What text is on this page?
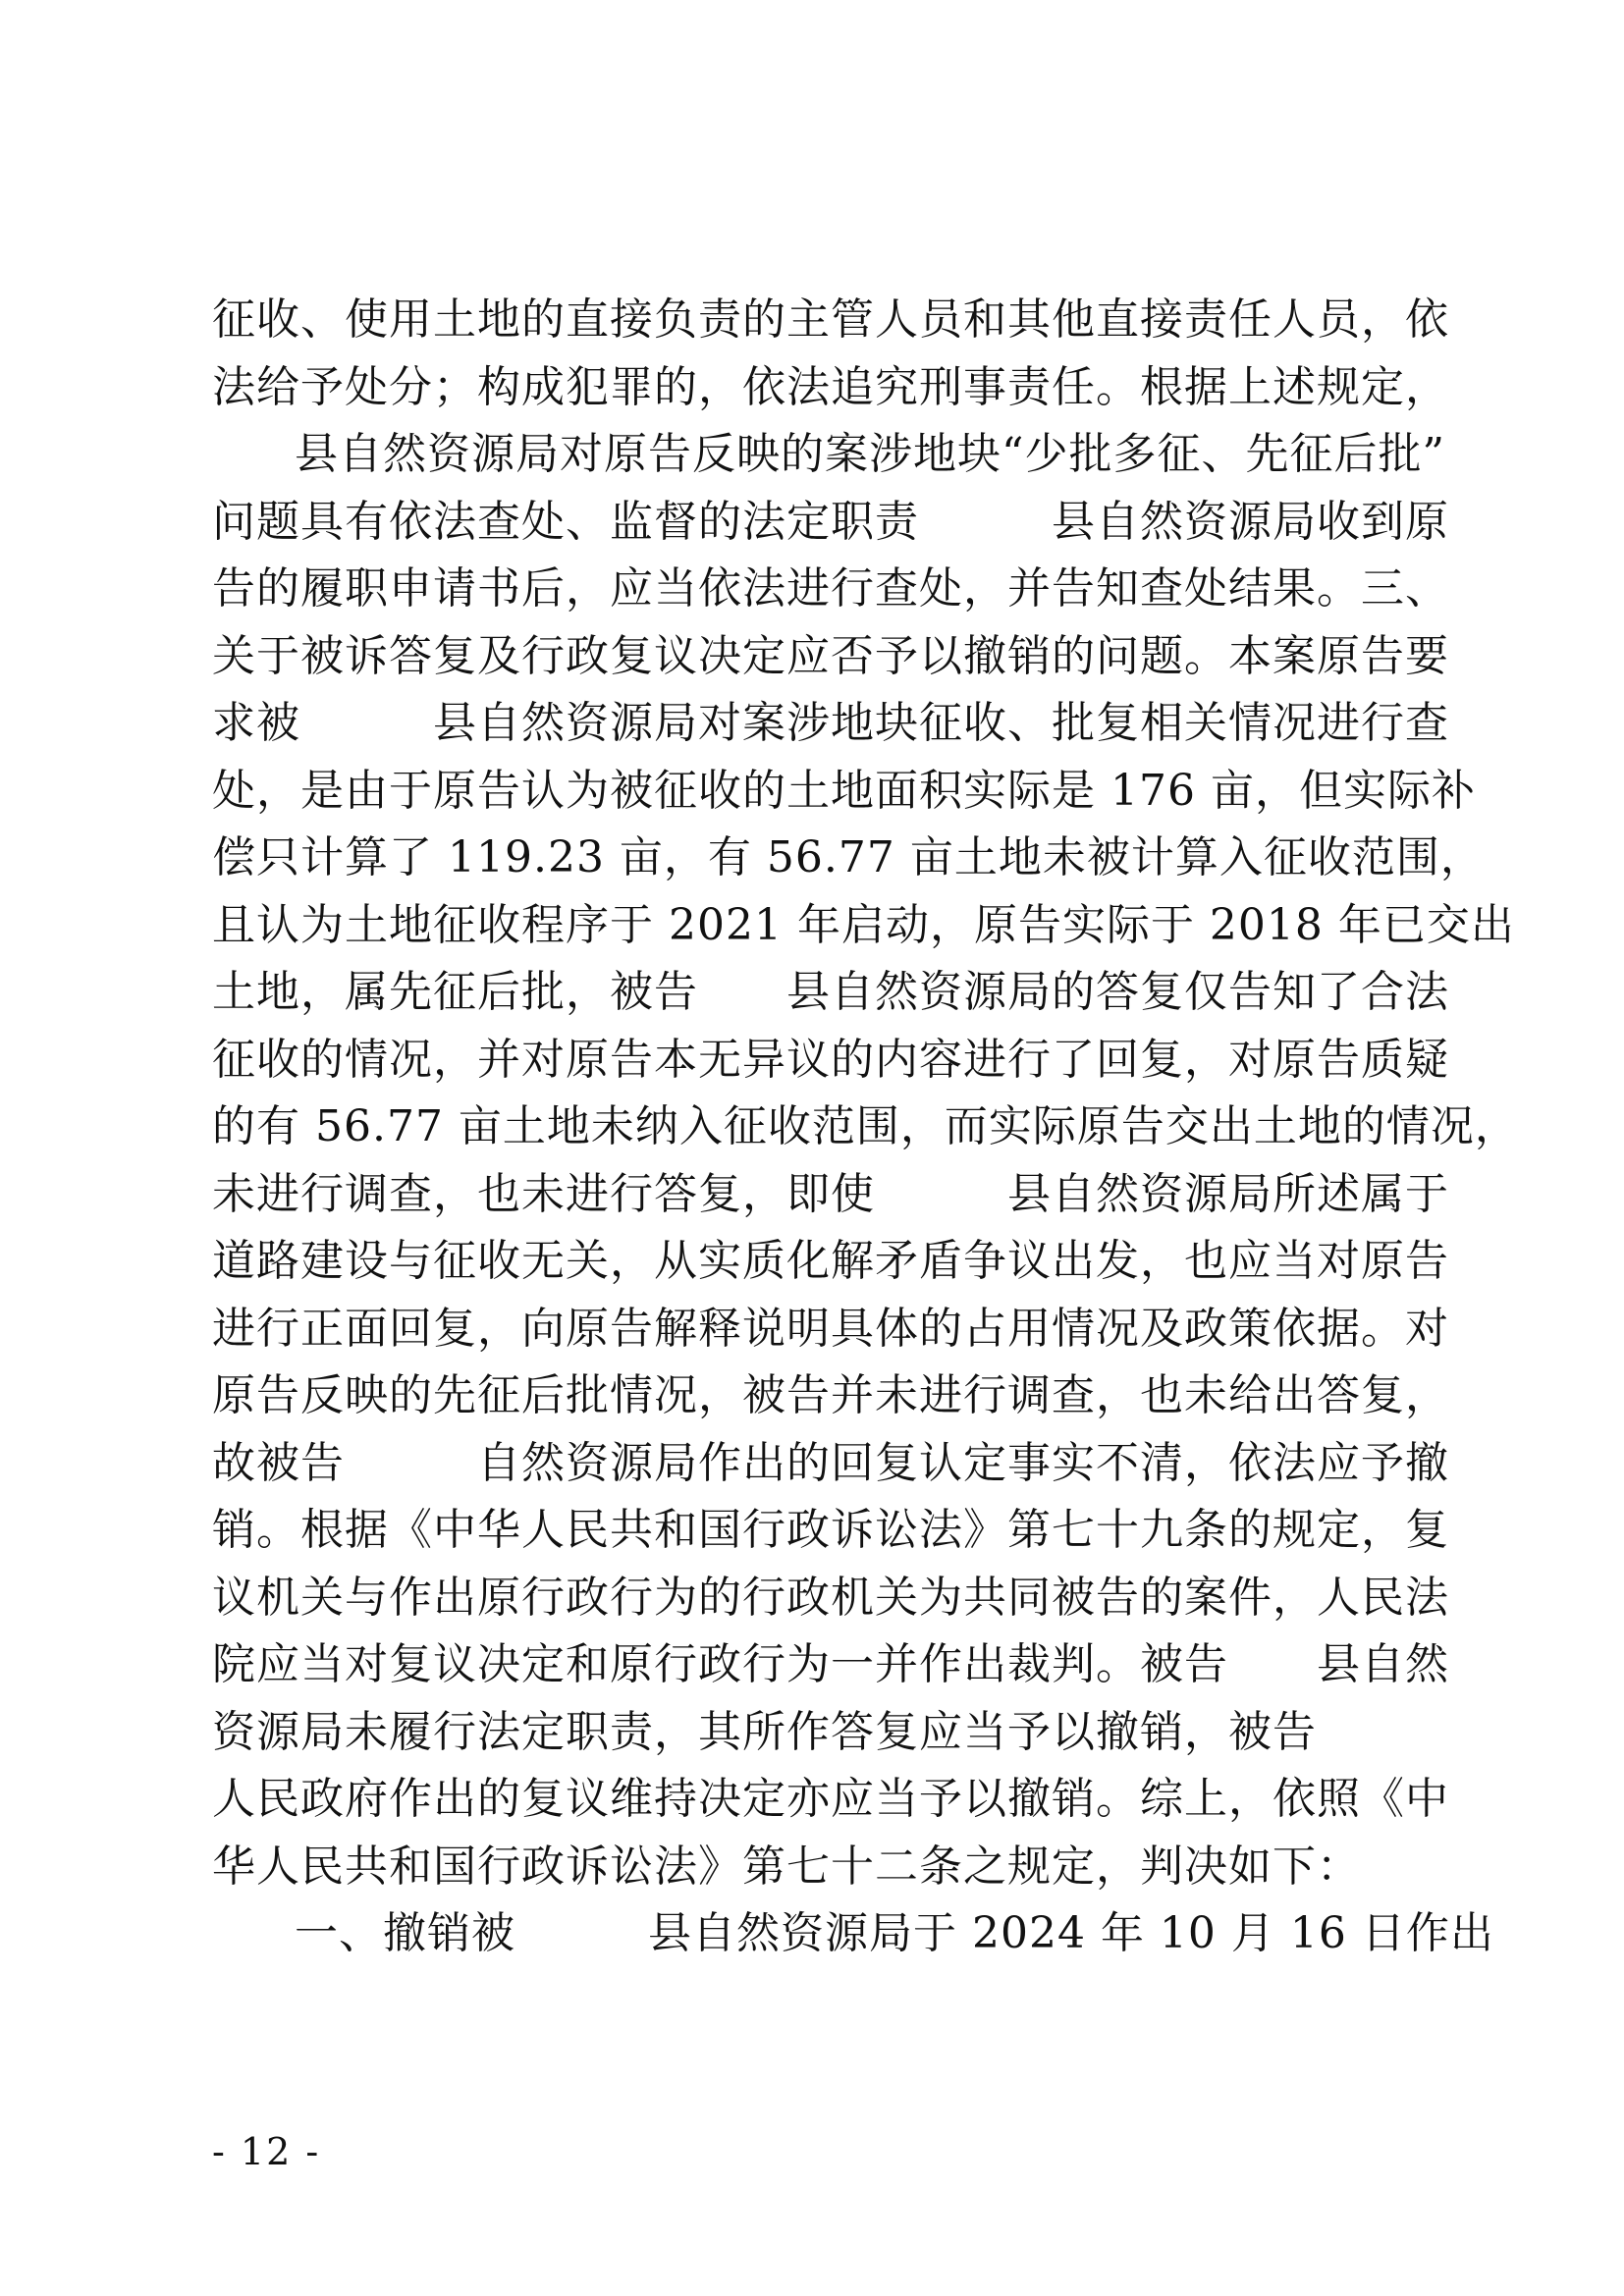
征收、使用土地的直接负责的主管人员和其他直接责任人员，依
法给予处分；构成犯罪的，依法追究刑事责任。根据上述规定，
县自然资源局对原告反映的案涉地块“少批多征、先征后批”
问题具有依法查处、监督的法定职责　　　县自然资源局收到原
告的履职申请书后，应当依法进行查处，并告知查处结果。三、
关于被诉答复及行政复议决定应否予以撤销的问题。本案原告要
求被　　　县自然资源局对案涉地块征收、批复相关情况进行查
处，是由于原告认为被征收的土地面积实际是 176 亩，但实际补
偿只计算了 119.23 亩，有 56.77 亩土地未被计算入征收范围，
且认为土地征收程序于 2021 年启动，原告实际于 2018 年已交出
土地，属先征后批，被告　　县自然资源局的答复仅告知了合法
征收的情况，并对原告本无异议的内容进行了回复，对原告质疑
的有 56.77 亩土地未纳入征收范围，而实际原告交出土地的情况，
未进行调查，也未进行答复，即使　　　县自然资源局所述属于
道路建设与征收无关，从实质化解矛盾争议出发，也应当对原告
进行正面回复，向原告解释说明具体的占用情况及政策依据。对
原告反映的先征后批情况，被告并未进行调查，也未给出答复，
故被告　　　自然资源局作出的回复认定事实不清，依法应予撤
销。根据《中华人民共和国行政诉讼法》第七十九条的规定，复
议机关与作出原行政行为的行政机关为共同被告的案件，人民法
院应当对复议决定和原行政行为一并作出裁判。被告　　县自然
资源局未履行法定职责，其所作答复应当予以撤销，被告
人民政府作出的复议维持决定亦应当予以撤销。综上，依照《中
华人民共和国行政诉讼法》第七十二条之规定，判决如下：
一、撤销被　　　县自然资源局于 2024 年 10 月 16 日作出
- 12 -
